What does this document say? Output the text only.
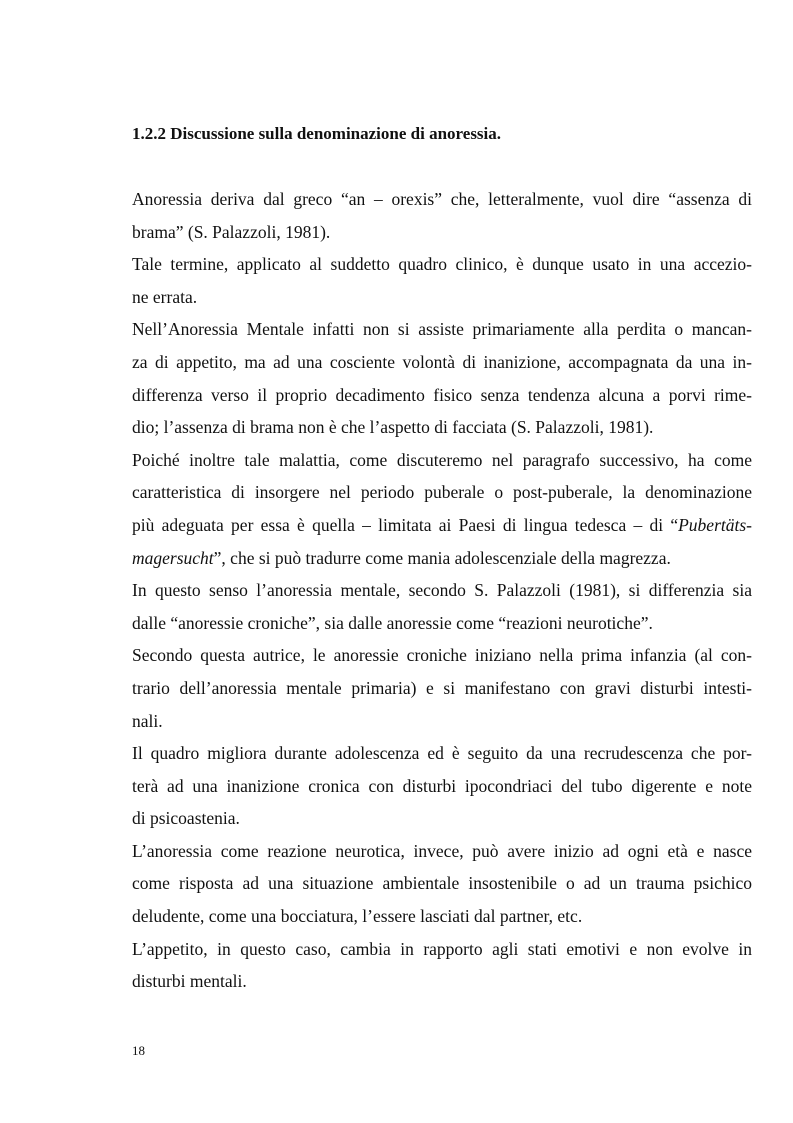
1.2.2 Discussione sulla denominazione di anoressia.
Anoressia deriva dal greco “an – orexis” che, letteralmente, vuol dire “assenza di
brama” (S. Palazzoli, 1981).
Tale termine, applicato al suddetto quadro clinico, è dunque usato in una accezio-
ne errata.
Nell’Anoressia Mentale infatti non si assiste primariamente alla perdita o mancan-
za di appetito, ma ad una cosciente volontà di inanizione, accompagnata da una in-
differenza verso il proprio decadimento fisico senza tendenza alcuna a porvi rime-
dio; l’assenza di brama non è che l’aspetto di facciata (S. Palazzoli, 1981).
Poiché inoltre tale malattia, come discuteremo nel paragrafo successivo, ha come
caratteristica di insorgere nel periodo puberale o post-puberale, la denominazione
più adeguata per essa è quella – limitata ai Paesi di lingua tedesca – di “Pubertäts-
magersucht”, che si può tradurre come mania adolescenziale della magrezza.
In questo senso l’anoressia mentale, secondo S. Palazzoli (1981), si differenzia sia
dalle “anoressie croniche”, sia dalle anoressie come “reazioni neurotiche”.
Secondo questa autrice, le anoressie croniche iniziano nella prima infanzia (al con-
trario dell’anoressia mentale primaria) e si manifestano con gravi disturbi intesti-
nali.
Il quadro migliora durante adolescenza ed è seguito da una recrudescenza che por-
terà ad una inanizione cronica con disturbi ipocondriaci del tubo digerente e note
di psicoastenia.
L’anoressia come reazione neurotica, invece, può avere inizio ad ogni età e nasce
come risposta ad una situazione ambientale insostenibile o ad un trauma psichico
deludente, come una bocciatura, l’essere lasciati dal partner, etc.
L’appetito, in questo caso, cambia in rapporto agli stati emotivi e non evolve in
disturbi mentali.
18
